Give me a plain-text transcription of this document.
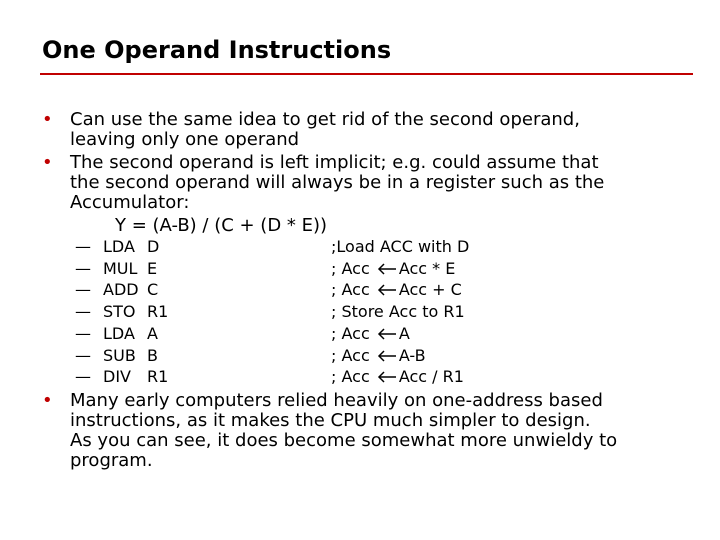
One Operand Instructions
• Can use the same idea to get rid of the second operand,
leaving only one operand
• The second operand is left implicit; e.g. could assume that
the second operand will always be in a register such as the
Accumulator:
Y = (A-B) / (C + (D * E))
— LDA D	;Load ACC with D
— MUL E	; Acc Acc * E
— ADD C	; Acc Acc + C
— STO R1	; Store Acc to R1
— LDA A	; Acc A
— SUB B	; Acc A-B
— DIV R1	; Acc Acc / R1
• Many early computers relied heavily on one-address based
instructions, as it makes the CPU much simpler to design.
As you can see, it does become somewhat more unwieldy to
program.
